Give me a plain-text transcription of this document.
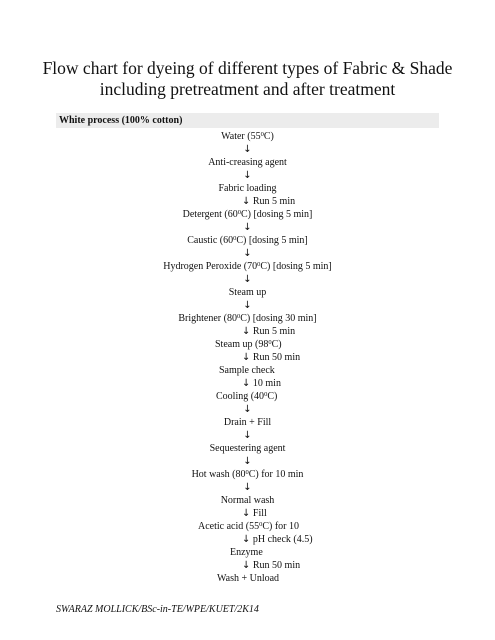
Flow chart for dyeing of different types of Fabric & Shade
including pretreatment and after treatment
White process (100% cotton)
Water $(55^0C)$
↓
Anti-creasing agent
↓
Fabric loading
↓ Run 5 min
Detergent $(60^0C)$ [dosing 5 min]
↓
Caustic $(60^0C)$ [dosing 5 min]
↓
Hydrogen Peroxide $(70^0C)$ [dosing 5 min]
↓
Steam up
↓
Brightener $(80^0C)$ [dosing 30 min]
↓ Run 5 min
Steam up $(98^0C)$
↓ Run 50 min
Sample check
↓ 10 min
Cooling $(40^0C)$
↓
Drain + Fill
↓
Sequestering agent
↓
Hot wash $(80^0C)$ for 10 min
↓
Normal wash
↓ Fill
Acetic acid $(55^0C)$ for 10
↓ pH check (4.5)
Enzyme
↓ Run 50 min
Wash + Unload
SWARAZ MOLLICK/BSc-in-TE/WPE/KUET/2K14
